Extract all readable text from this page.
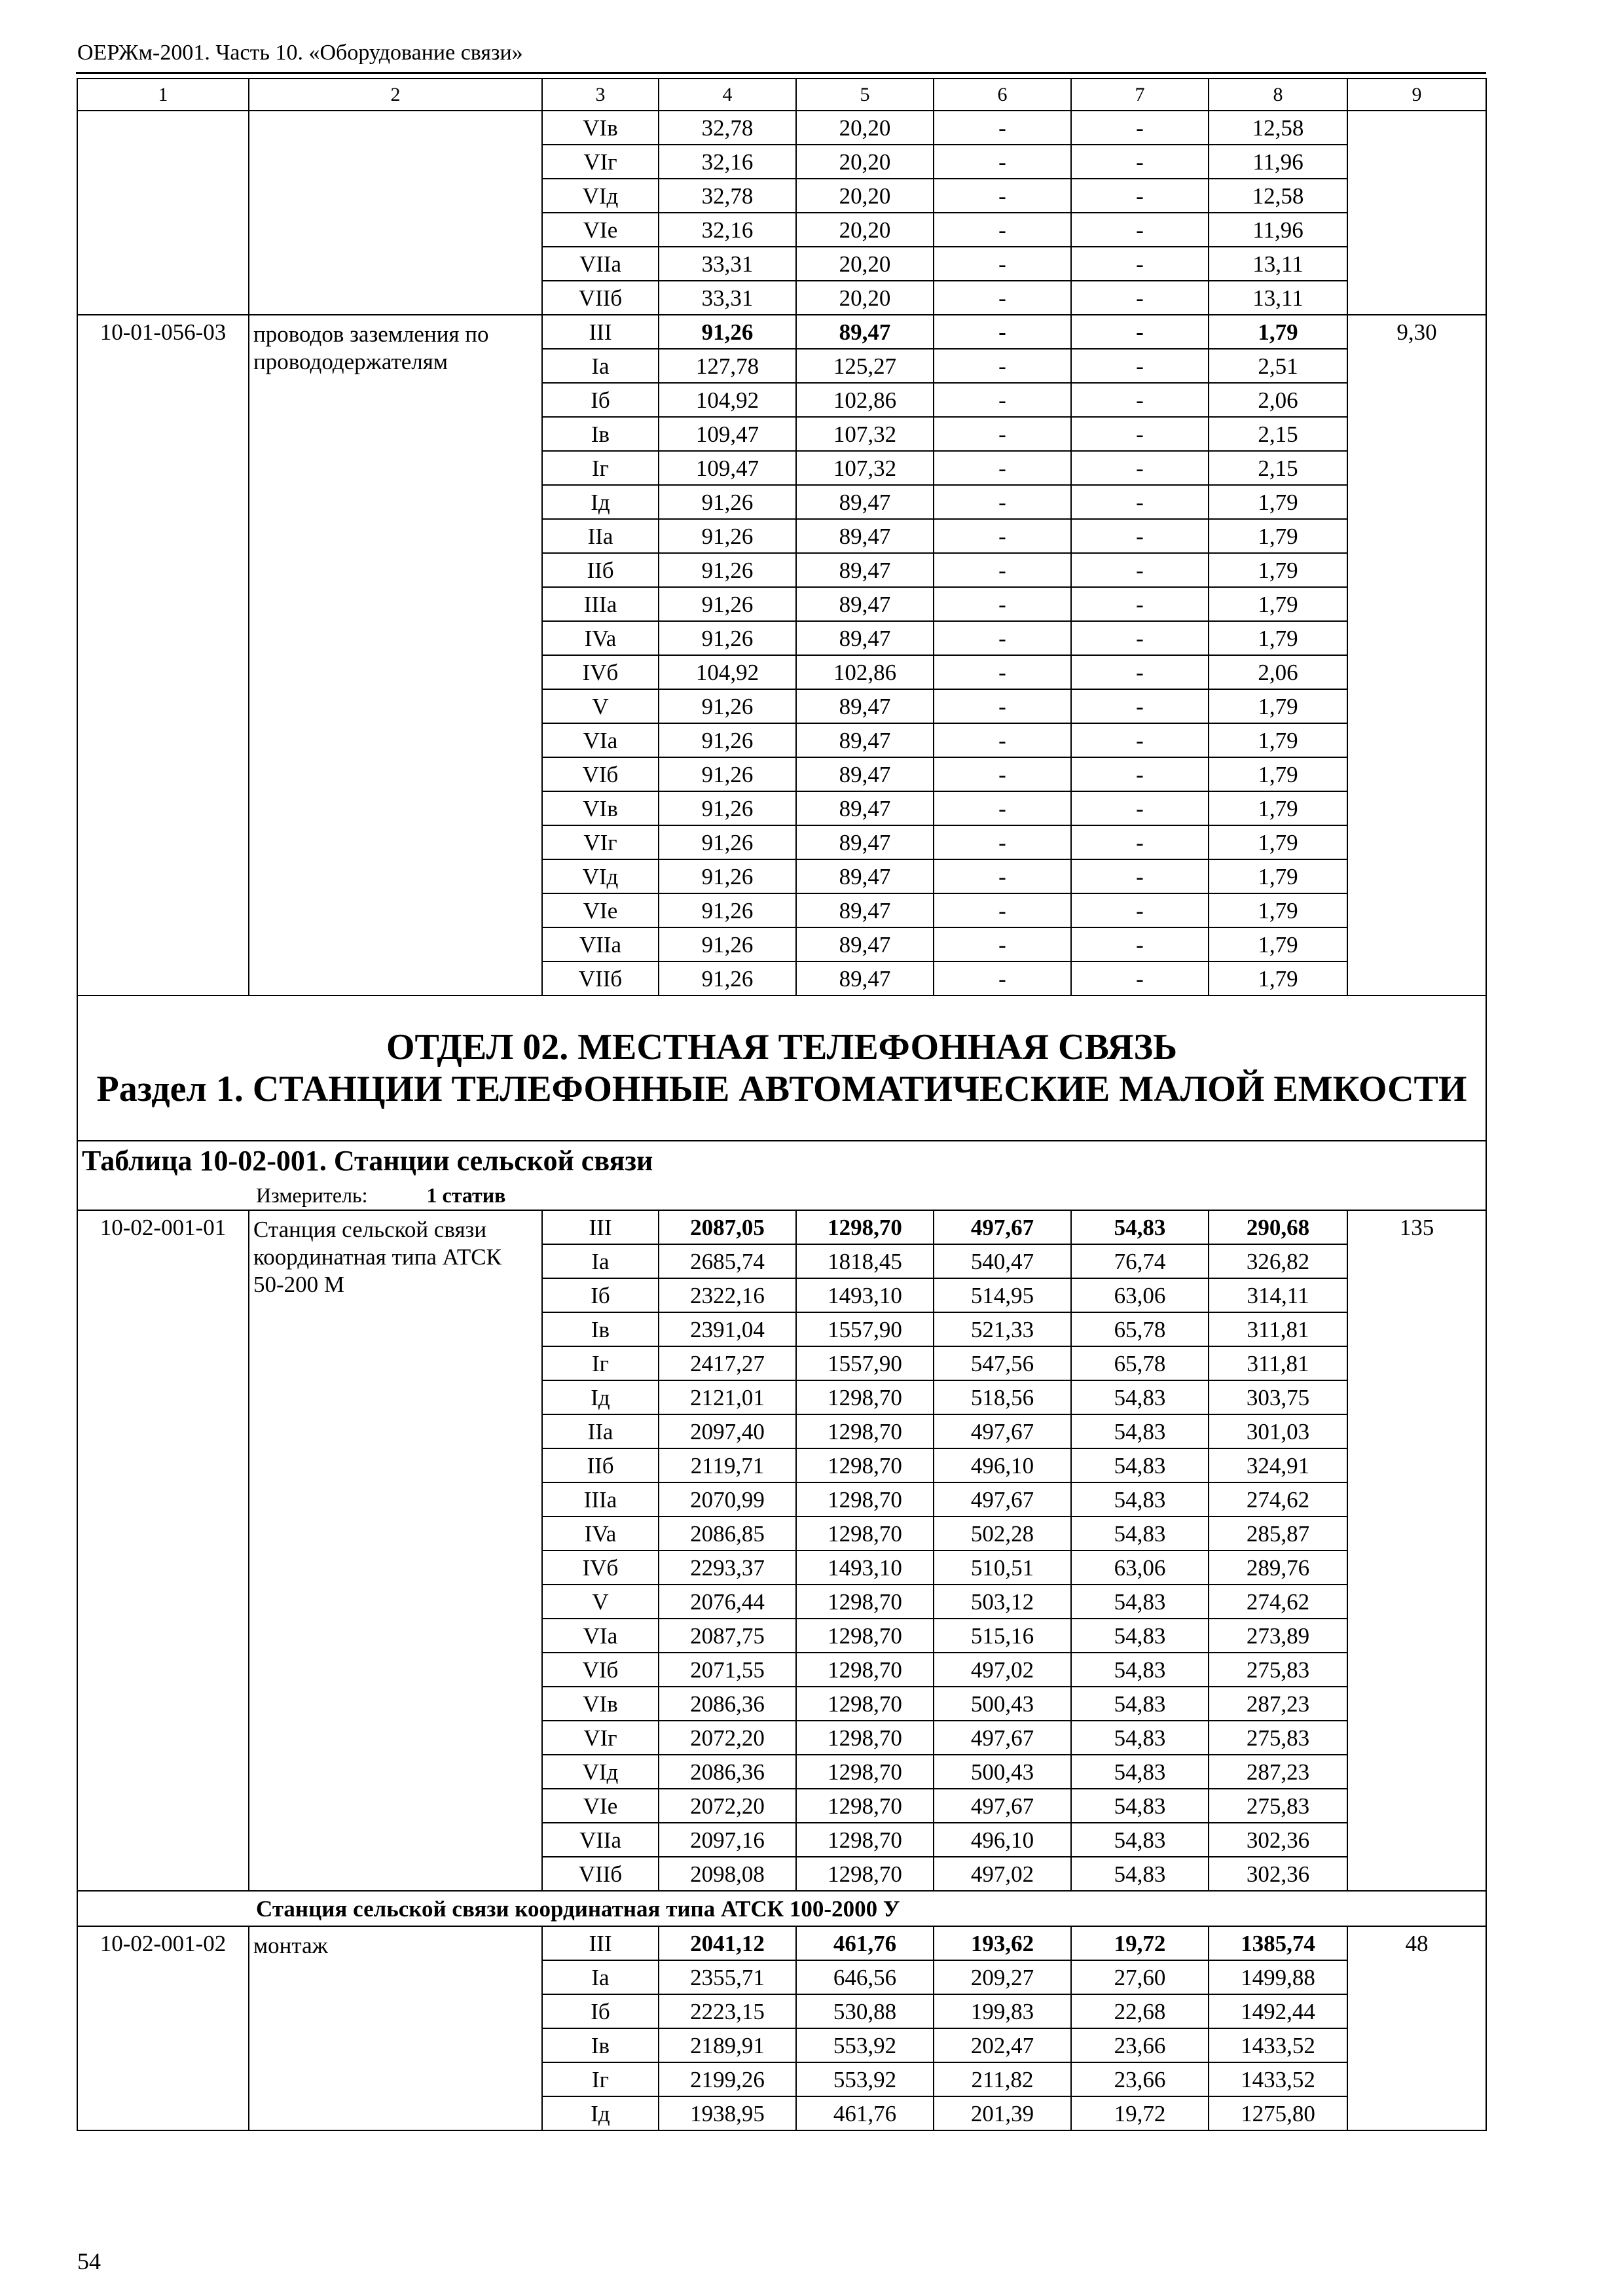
ОЕРЖм-2001. Часть 10. «Оборудование связи»
1	2	3	4	5	6	7	8	9
		VIв	32,78	20,20	-	-	12,58	
		VIг	32,16	20,20	-	-	11,96	
		VIд	32,78	20,20	-	-	12,58	
		VIе	32,16	20,20	-	-	11,96	
		VIIa	33,31	20,20	-	-	13,11	
		VIIб	33,31	20,20	-	-	13,11	
10-01-056-03	проводов заземления по провододержателям	III	91,26	89,47	-	-	1,79	9,30
		Ia	127,78	125,27	-	-	2,51	
		Iб	104,92	102,86	-	-	2,06	
		Iв	109,47	107,32	-	-	2,15	
		Iг	109,47	107,32	-	-	2,15	
		Iд	91,26	89,47	-	-	1,79	
		IIa	91,26	89,47	-	-	1,79	
		IIб	91,26	89,47	-	-	1,79	
		IIIa	91,26	89,47	-	-	1,79	
		IVa	91,26	89,47	-	-	1,79	
		IVб	104,92	102,86	-	-	2,06	
		V	91,26	89,47	-	-	1,79	
		VIa	91,26	89,47	-	-	1,79	
		VIб	91,26	89,47	-	-	1,79	
		VIв	91,26	89,47	-	-	1,79	
		VIг	91,26	89,47	-	-	1,79	
		VIд	91,26	89,47	-	-	1,79	
		VIе	91,26	89,47	-	-	1,79	
		VIIa	91,26	89,47	-	-	1,79	
		VIIб	91,26	89,47	-	-	1,79	

ОТДЕЛ 02. МЕСТНАЯ ТЕЛЕФОННАЯ СВЯЗЬ
Раздел 1. СТАНЦИИ ТЕЛЕФОННЫЕ АВТОМАТИЧЕСКИЕ МАЛОЙ ЕМКОСТИ								

Таблица 10-02-001. Станции сельской связи								
Измеритель: 1 статив								
10-02-001-01	Станция сельской связи координатная типа АТСК 50-200 М	III	2087,05	1298,70	497,67	54,83	290,68	135
		Ia	2685,74	1818,45	540,47	76,74	326,82	
		Iб	2322,16	1493,10	514,95	63,06	314,11	
		Iв	2391,04	1557,90	521,33	65,78	311,81	
		Iг	2417,27	1557,90	547,56	65,78	311,81	
		Iд	2121,01	1298,70	518,56	54,83	303,75	
		IIa	2097,40	1298,70	497,67	54,83	301,03	
		IIб	2119,71	1298,70	496,10	54,83	324,91	
		IIIa	2070,99	1298,70	497,67	54,83	274,62	
		IVa	2086,85	1298,70	502,28	54,83	285,87	
		IVб	2293,37	1493,10	510,51	63,06	289,76	
		V	2076,44	1298,70	503,12	54,83	274,62	
		VIa	2087,75	1298,70	515,16	54,83	273,89	
		VIб	2071,55	1298,70	497,02	54,83	275,83	
		VIв	2086,36	1298,70	500,43	54,83	287,23	
		VIг	2072,20	1298,70	497,67	54,83	275,83	
		VIд	2086,36	1298,70	500,43	54,83	287,23	
		VIе	2072,20	1298,70	497,67	54,83	275,83	
		VIIa	2097,16	1298,70	496,10	54,83	302,36	
		VIIб	2098,08	1298,70	497,02	54,83	302,36	
Станция сельской связи координатная типа АТСК 100-2000 У								
10-02-001-02	монтаж	III	2041,12	461,76	193,62	19,72	1385,74	48
		Ia	2355,71	646,56	209,27	27,60	1499,88	
		Iб	2223,15	530,88	199,83	22,68	1492,44	
		Iв	2189,91	553,92	202,47	23,66	1433,52	
		Iг	2199,26	553,92	211,82	23,66	1433,52	
		Iд	1938,95	461,76	201,39	19,72	1275,80	
54
